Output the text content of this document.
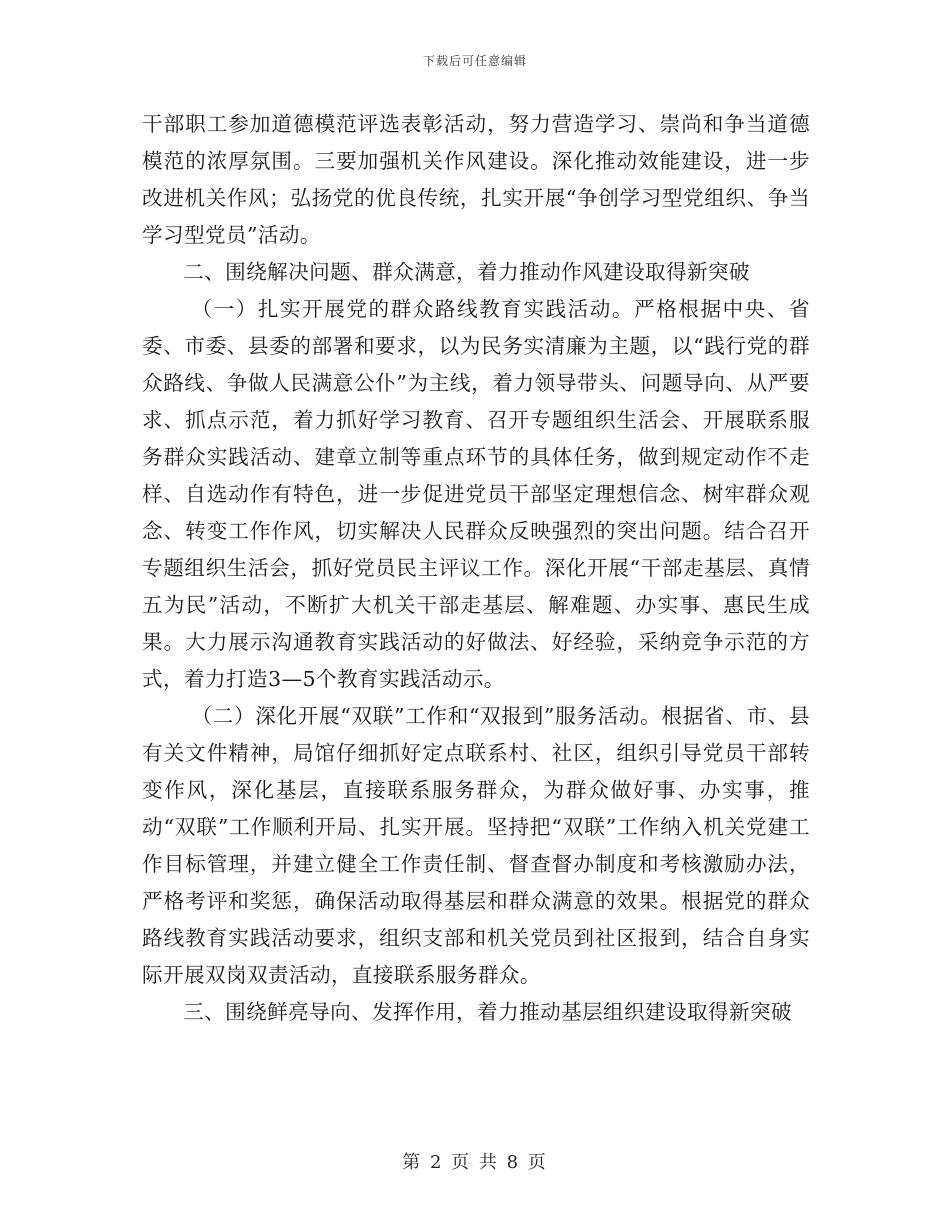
下载后可任意编辑

干部职工参加道德模范评选表彰活动，努力营造学习、崇尚和争当道德模范的浓厚氛围。三要加强机关作风建设。深化推动效能建设，进一步改进机关作风；弘扬党的优良传统，扎实开展“争创学习型党组织、争当学习型党员”活动。

二、围绕解决问题、群众满意，着力推动作风建设取得新突破

（一）扎实开展党的群众路线教育实践活动。严格根据中央、省委、市委、县委的部署和要求，以为民务实清廉为主题，以“践行党的群众路线、争做人民满意公仆”为主线，着力领导带头、问题导向、从严要求、抓点示范，着力抓好学习教育、召开专题组织生活会、开展联系服务群众实践活动、建章立制等重点环节的具体任务，做到规定动作不走样、自选动作有特色，进一步促进党员干部坚定理想信念、树牢群众观念、转变工作作风，切实解决人民群众反映强烈的突出问题。结合召开专题组织生活会，抓好党员民主评议工作。深化开展“干部走基层、真情五为民”活动，不断扩大机关干部走基层、解难题、办实事、惠民生成果。大力展示沟通教育实践活动的好做法、好经验，采纳竞争示范的方式，着力打造3—5个教育实践活动示。

（二）深化开展“双联”工作和“双报到”服务活动。根据省、市、县有关文件精神，局馆仔细抓好定点联系村、社区，组织引导党员干部转变作风，深化基层，直接联系服务群众，为群众做好事、办实事，推动“双联”工作顺利开局、扎实开展。坚持把“双联”工作纳入机关党建工作目标管理，并建立健全工作责任制、督查督办制度和考核激励办法，严格考评和奖惩，确保活动取得基层和群众满意的效果。根据党的群众路线教育实践活动要求，组织支部和机关党员到社区报到，结合自身实际开展双岗双责活动，直接联系服务群众。

三、围绕鲜亮导向、发挥作用，着力推动基层组织建设取得新突破

第 2 页 共 8 页
